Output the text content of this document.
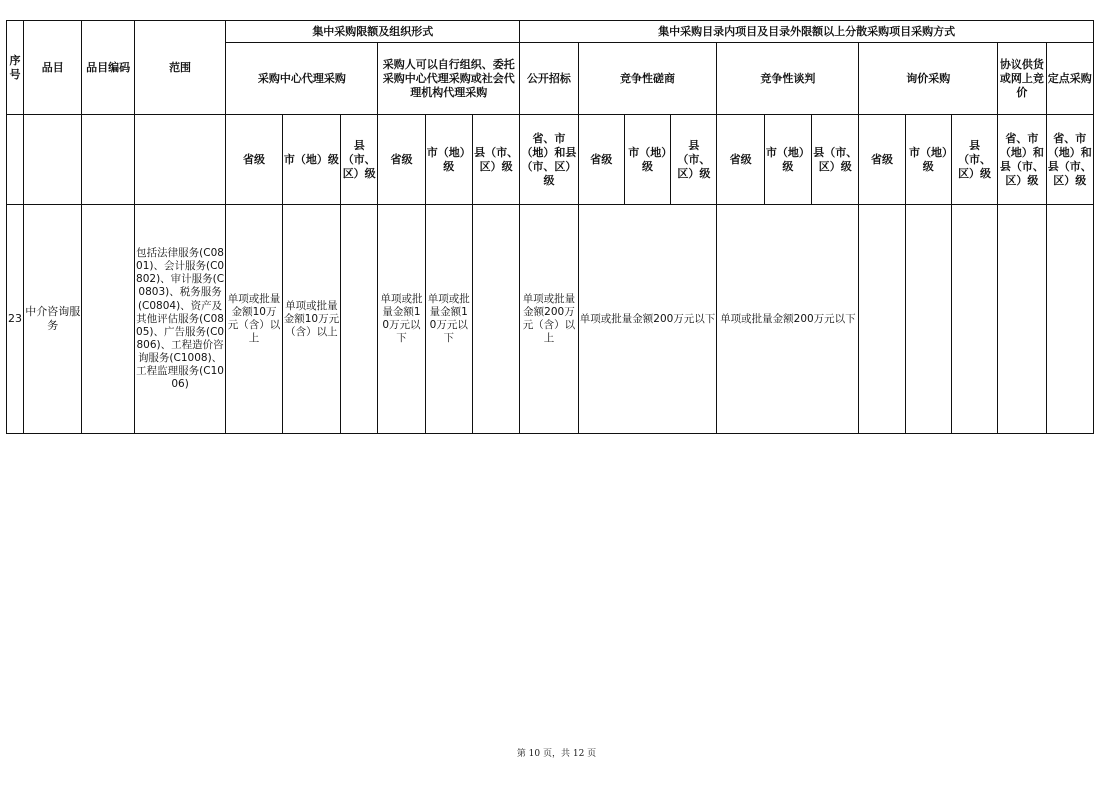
序号	品目	品目编码	范围	集中采购限额及组织形式						集中采购目录内项目及目录外限额以上分散采购项目采购方式											
				采购中心代理采购			采购人可以自行组织、委托采购中心代理采购或社会代理机构代理采购			公开招标	竞争性磋商			竞争性谈判			询价采购			协议供货或网上竞价	定点采购
				省级	市（地）级	县（市、区）级	省级	市（地）级	县（市、区）级	省、市（地）和县（市、区）级	省级	市（地）级	县（市、区）级	省级	市（地）级	县（市、区）级	省级	市（地）级	县（市、区）级	省、市（地）和县（市、区）级	省、市（地）和县（市、区）级
23	中介咨询服务		包括法律服务(C0801)、会计服务(C0802)、审计服务(C0803)、税务服务(C0804)、资产及其他评估服务(C0805)、广告服务(C0806)、工程造价咨询服务(C1008)、工程监理服务(C1006)	单项或批量金额10万元（含）以上	单项或批量金额10万元（含）以上		单项或批量金额10万元以下	单项或批量金额10万元以下		单项或批量金额200万元（含）以上	单项或批量金额200万元以下			单项或批量金额200万元以下							
第 10 页，共 12 页
